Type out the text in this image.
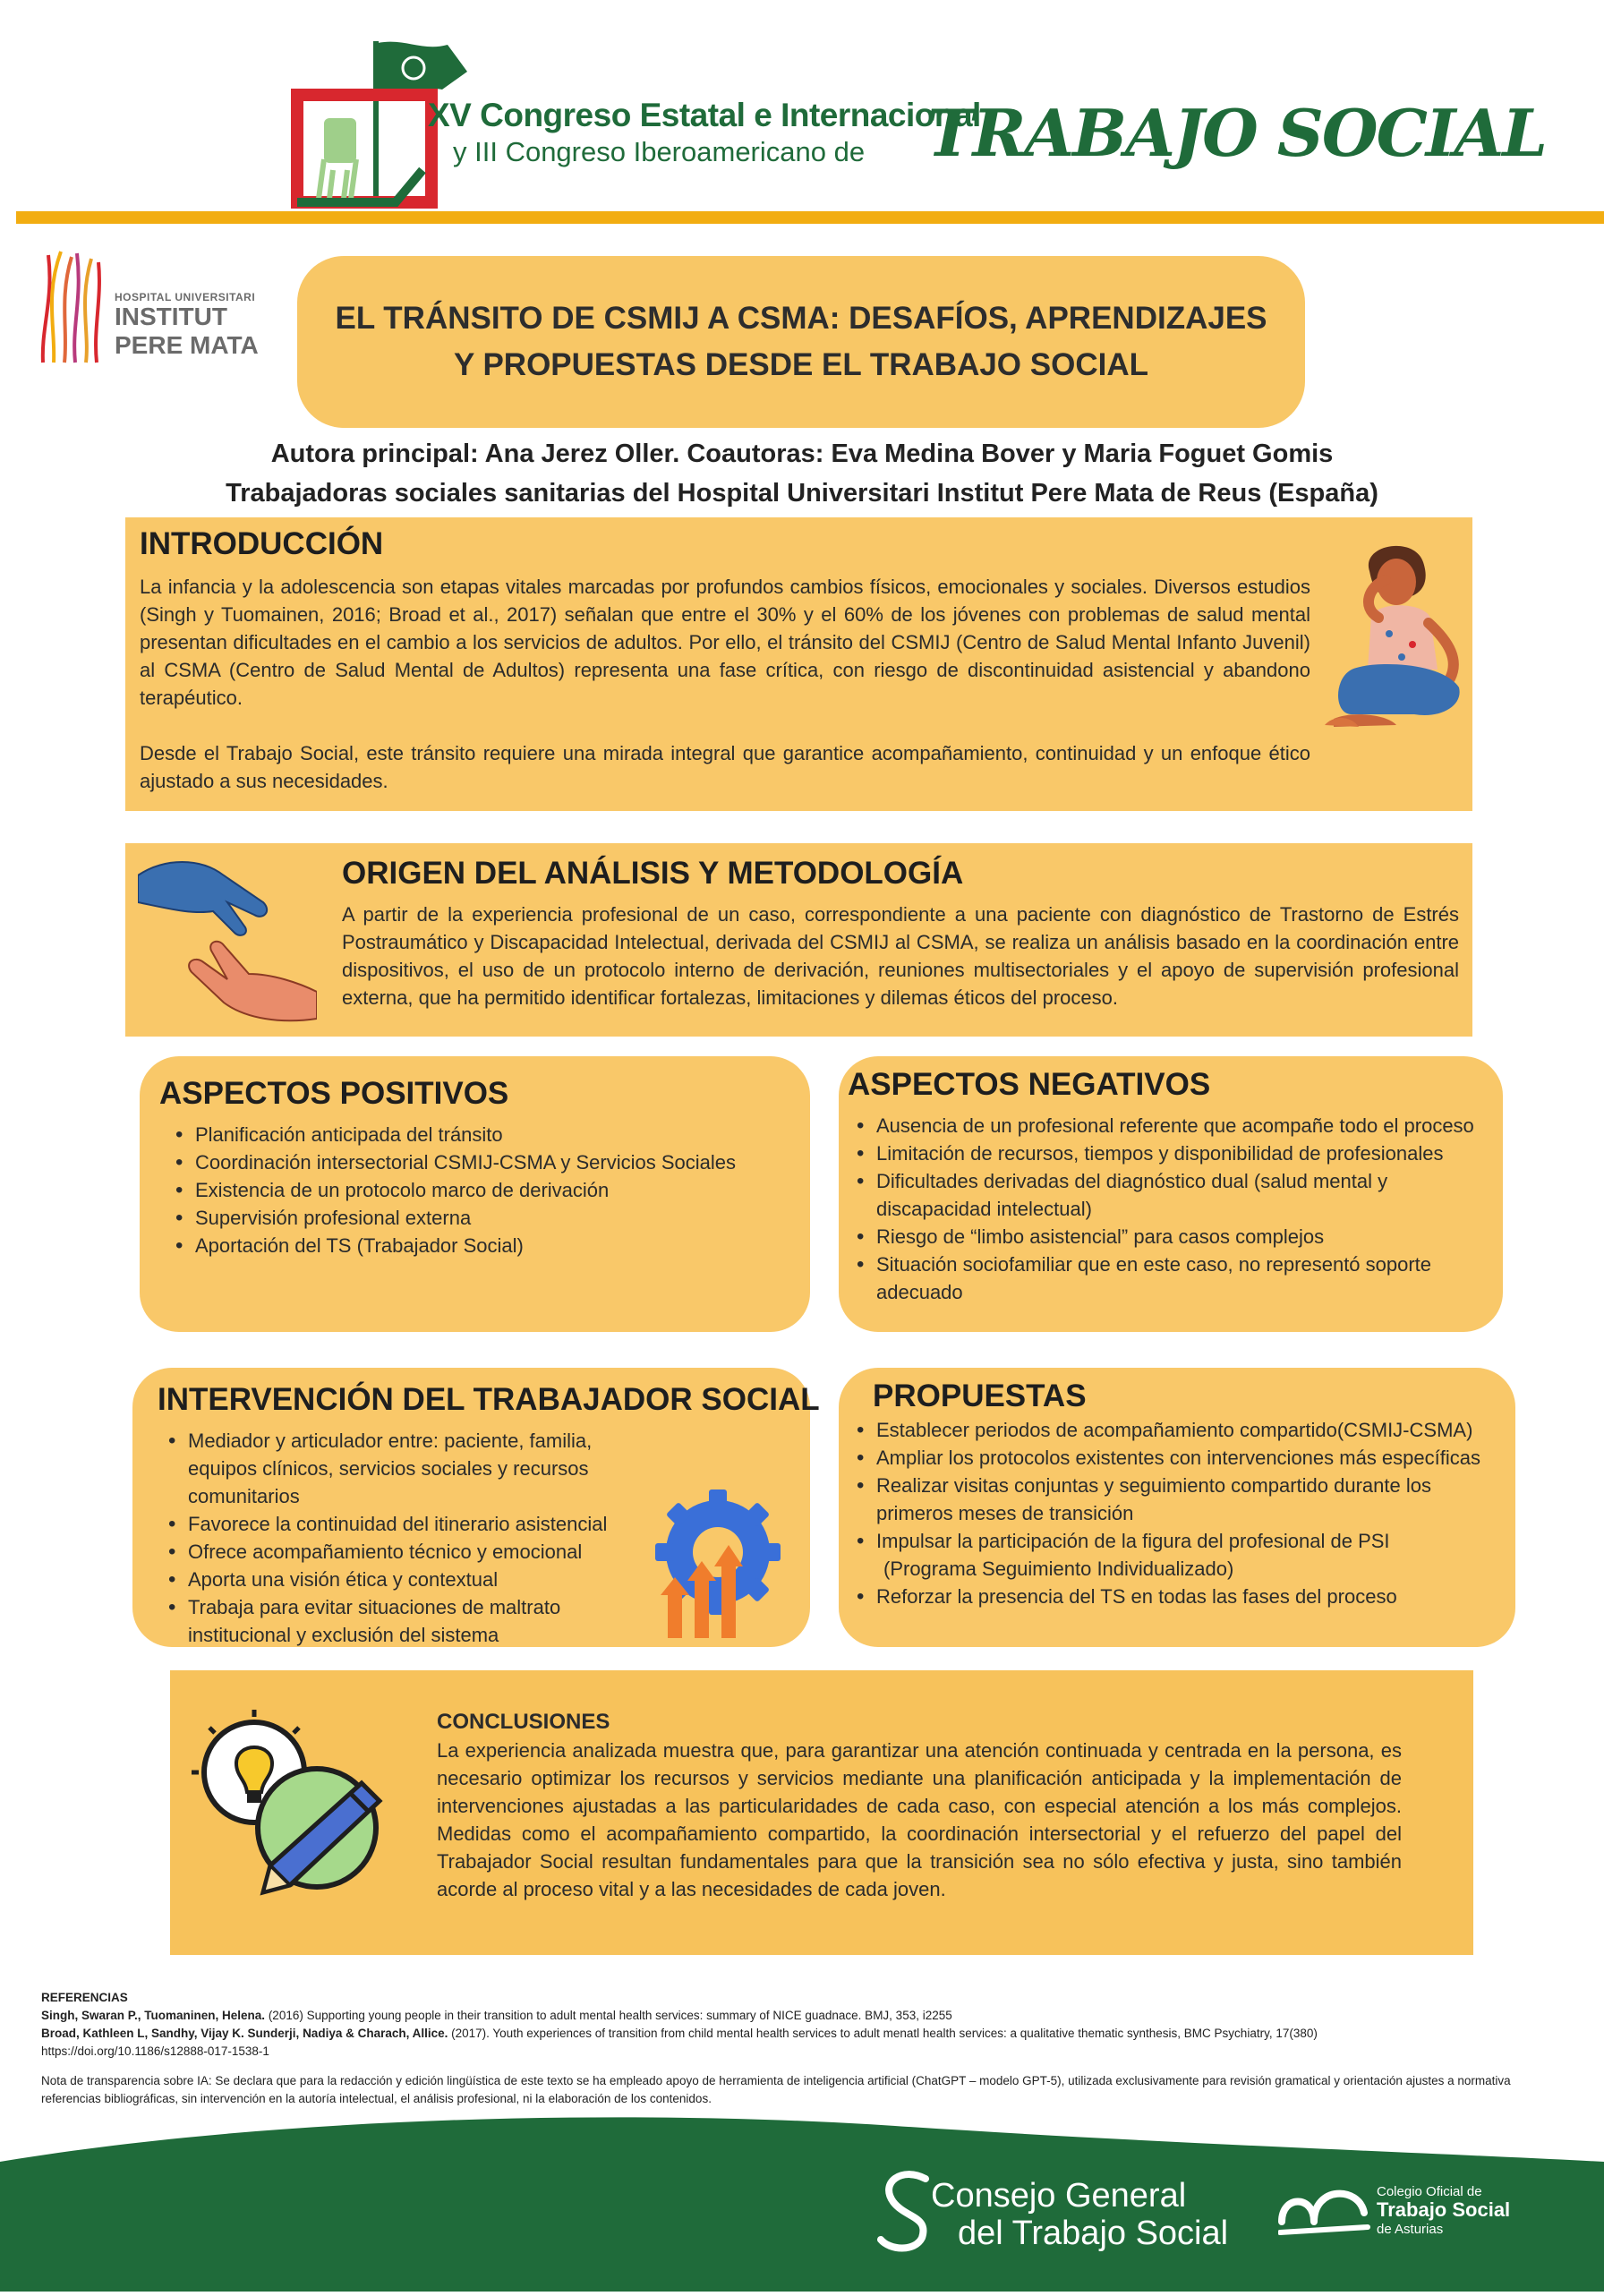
XV Congreso Estatal e Internacional
y III Congreso Iberoamericano de TRABAJO SOCIAL
HOSPITAL UNIVERSITARI
INSTITUT
PERE MATA
EL TRÁNSITO DE CSMIJ A CSMA: DESAFÍOS, APRENDIZAJES
Y PROPUESTAS DESDE EL TRABAJO SOCIAL
Autora principal: Ana Jerez Oller. Coautoras: Eva Medina Bover y Maria Foguet Gomis
Trabajadoras sociales sanitarias del Hospital Universitari Institut Pere Mata de Reus (España)
INTRODUCCIÓN

La infancia y la adolescencia son etapas vitales marcadas por profundos cambios físicos, emocionales y sociales. Diversos estudios (Singh y Tuomainen, 2016; Broad et al., 2017) señalan que entre el 30% y el 60% de los jóvenes con problemas de salud mental presentan dificultades en el cambio a los servicios de adultos. Por ello, el tránsito del CSMIJ (Centro de Salud Mental Infanto Juvenil) al CSMA (Centro de Salud Mental de Adultos) representa una fase crítica, con riesgo de discontinuidad asistencial y abandono terapéutico.

Desde el Trabajo Social, este tránsito requiere una mirada integral que garantice acompañamiento, continuidad y un enfoque ético ajustado a sus necesidades.

ORIGEN DEL ANÁLISIS Y METODOLOGÍA

A partir de la experiencia profesional de un caso, correspondiente a una paciente con diagnóstico de Trastorno de Estrés Postraumático y Discapacidad Intelectual, derivada del CSMIJ al CSMA, se realiza un análisis basado en la coordinación entre dispositivos, el uso de un protocolo interno de derivación, reuniones multisectoriales y el apoyo de supervisión profesional externa, que ha permitido identificar fortalezas, limitaciones y dilemas éticos del proceso.

ASPECTOS POSITIVOS
• Planificación anticipada del tránsito
• Coordinación intersectorial CSMIJ-CSMA y Servicios Sociales
• Existencia de un protocolo marco de derivación
• Supervisión profesional externa
• Aportación del TS (Trabajador Social)
ASPECTOS NEGATIVOS
• Ausencia de un profesional referente que acompañe todo el proceso
• Limitación de recursos, tiempos y disponibilidad de profesionales
• Dificultades derivadas del diagnóstico dual (salud mental y discapacidad intelectual)
• Riesgo de “limbo asistencial” para casos complejos
• Situación sociofamiliar que en este caso, no representó soporte adecuado
INTERVENCIÓN DEL TRABAJADOR SOCIAL
• Mediador y articulador entre: paciente, familia, equipos clínicos, servicios sociales y recursos comunitarios
• Favorece la continuidad del itinerario asistencial
• Ofrece acompañamiento técnico y emocional
• Aporta una visión ética y contextual
• Trabaja para evitar situaciones de maltrato institucional y exclusión del sistema
PROPUESTAS
• Establecer periodos de acompañamiento compartido(CSMIJ-CSMA)
• Ampliar los protocolos existentes con intervenciones más específicas
• Realizar visitas conjuntas y seguimiento compartido durante los primeros meses de transición
• Impulsar la participación de la figura del profesional de PSI
(Programa Seguimiento Individualizado)
• Reforzar la presencia del TS en todas las fases del proceso
CONCLUSIONES

La experiencia analizada muestra que, para garantizar una atención continuada y centrada en la persona, es necesario optimizar los recursos y servicios mediante una planificación anticipada y la implementación de intervenciones ajustadas a las particularidades de cada caso, con especial atención a los más complejos. Medidas como el acompañamiento compartido, la coordinación intersectorial y el refuerzo del papel del Trabajador Social resultan fundamentales para que la transición sea no sólo efectiva y justa, sino también acorde al proceso vital y a las necesidades de cada joven.

REFERENCIAS

Singh, Swaran P., Tuomaninen, Helena. (2016) Supporting young people in their transition to adult mental health services: summary of NICE guadnace. BMJ, 353, i2255

Broad, Kathleen L, Sandhy, Vijay K. Sunderji, Nadiya & Charach, Allice. (2017). Youth experiences of transition from child mental health services to adult menatl health services: a qualitative thematic synthesis, BMC Psychiatry, 17(380)

https://doi.org/10.1186/s12888-017-1538-1

Nota de transparencia sobre IA: Se declara que para la redacción y edición lingüística de este texto se ha empleado apoyo de herramienta de inteligencia artificial (ChatGPT – modelo GPT-5), utilizada exclusivamente para revisión gramatical y orientación ajustes a normativa referencias bibliográficas, sin intervención en la autoría intelectual, el análisis profesional, ni la elaboración de los contenidos.
Consejo General
del Trabajo Social
Colegio Oficial de
Trabajo Social
de Asturias
